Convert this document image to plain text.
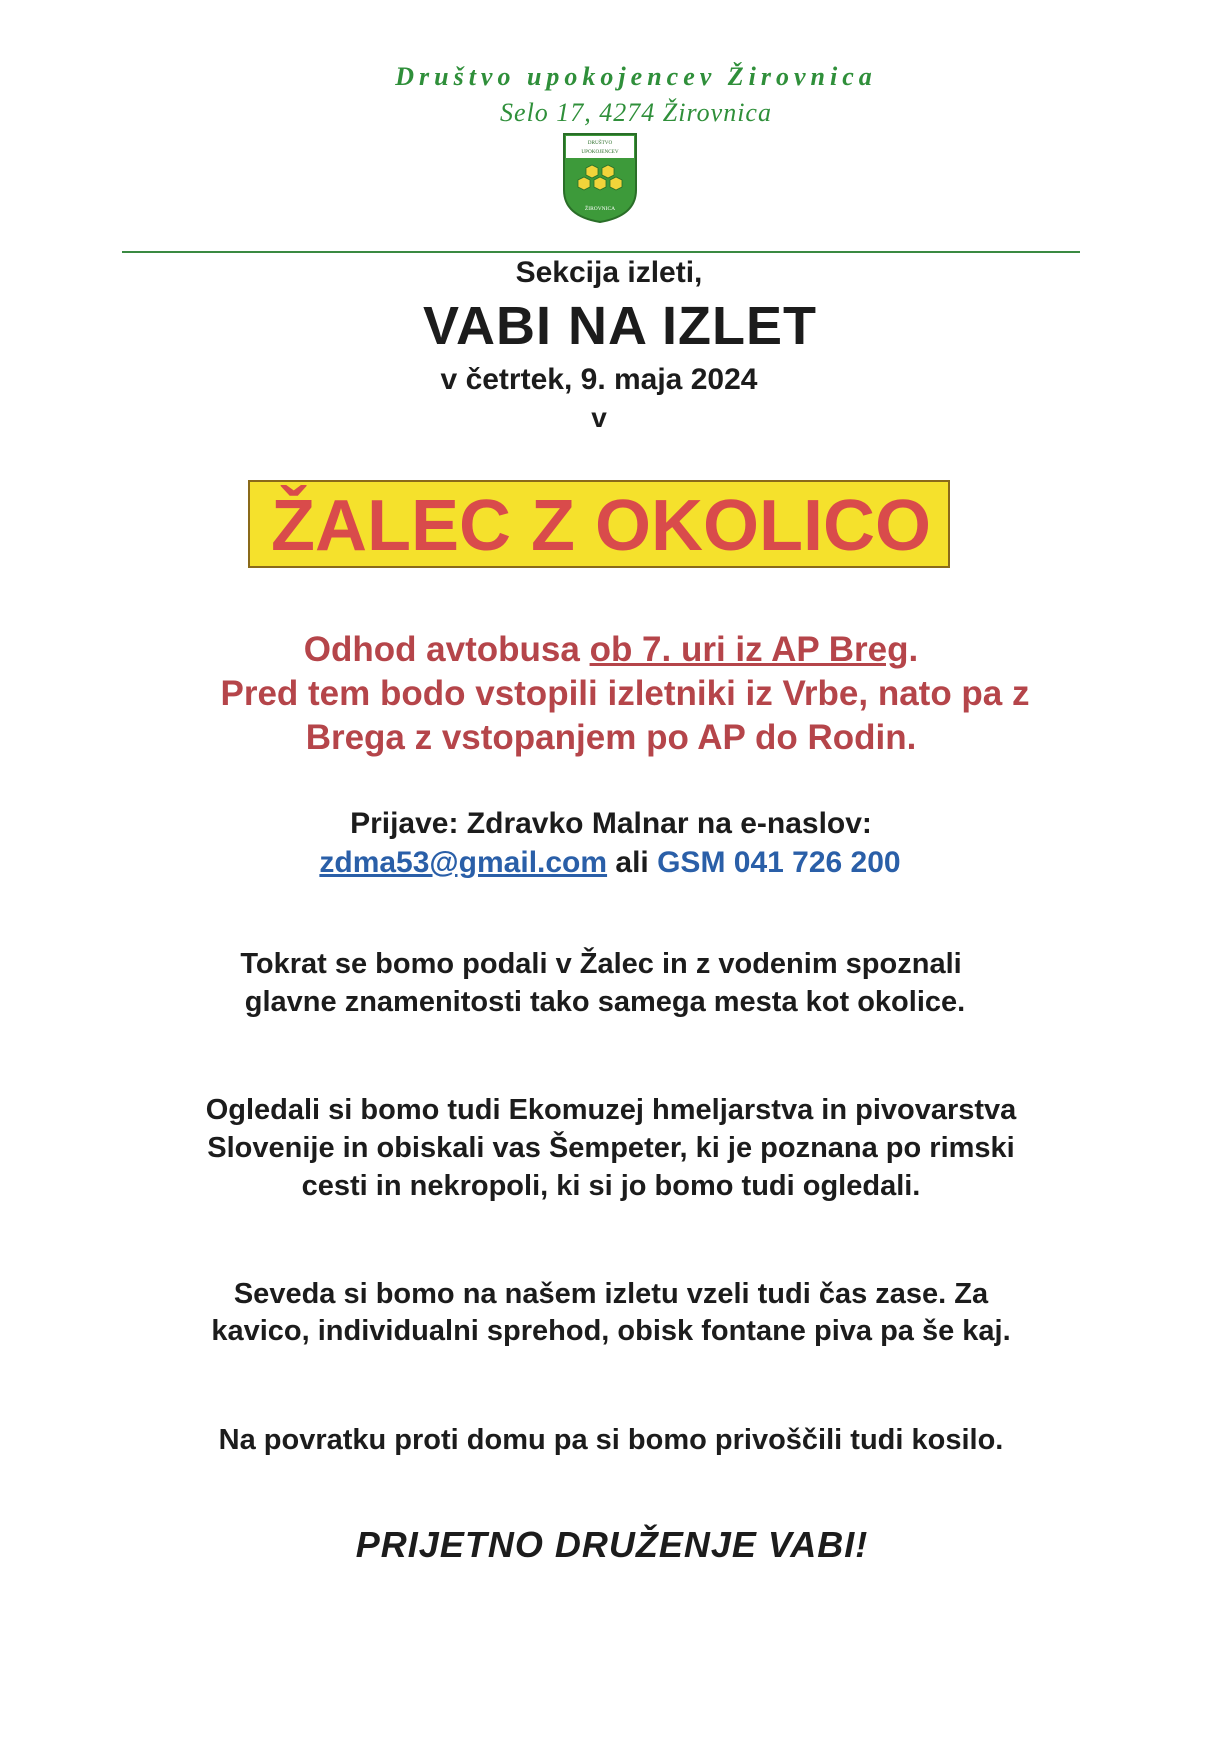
Društvo upokojencev Žirovnica
Selo 17, 4274 Žirovnica
DRUŠTVO
UPOKOJENCEV
ŽIROVNICA
Sekcija izleti,
VABI NA IZLET
v četrtek, 9. maja 2024
v
ŽALEC Z OKOLICO
Odhod avtobusa ob 7. uri iz AP Breg.
Pred tem bodo vstopili izletniki iz Vrbe, nato pa z
Brega z vstopanjem po AP do Rodin.
Prijave: Zdravko Malnar na e-naslov:
zdma53@gmail.com ali GSM 041 726 200
Tokrat se bomo podali v Žalec in z vodenim spoznali
glavne znamenitosti tako samega mesta kot okolice.
Ogledali si bomo tudi Ekomuzej hmeljarstva in pivovarstva
Slovenije in obiskali vas Šempeter, ki je poznana po rimski
cesti in nekropoli, ki si jo bomo tudi ogledali.
Seveda si bomo na našem izletu vzeli tudi čas zase. Za
kavico, individualni sprehod, obisk fontane piva pa še kaj.
Na povratku proti domu pa si bomo privoščili tudi kosilo.
PRIJETNO DRUŽENJE VABI!
